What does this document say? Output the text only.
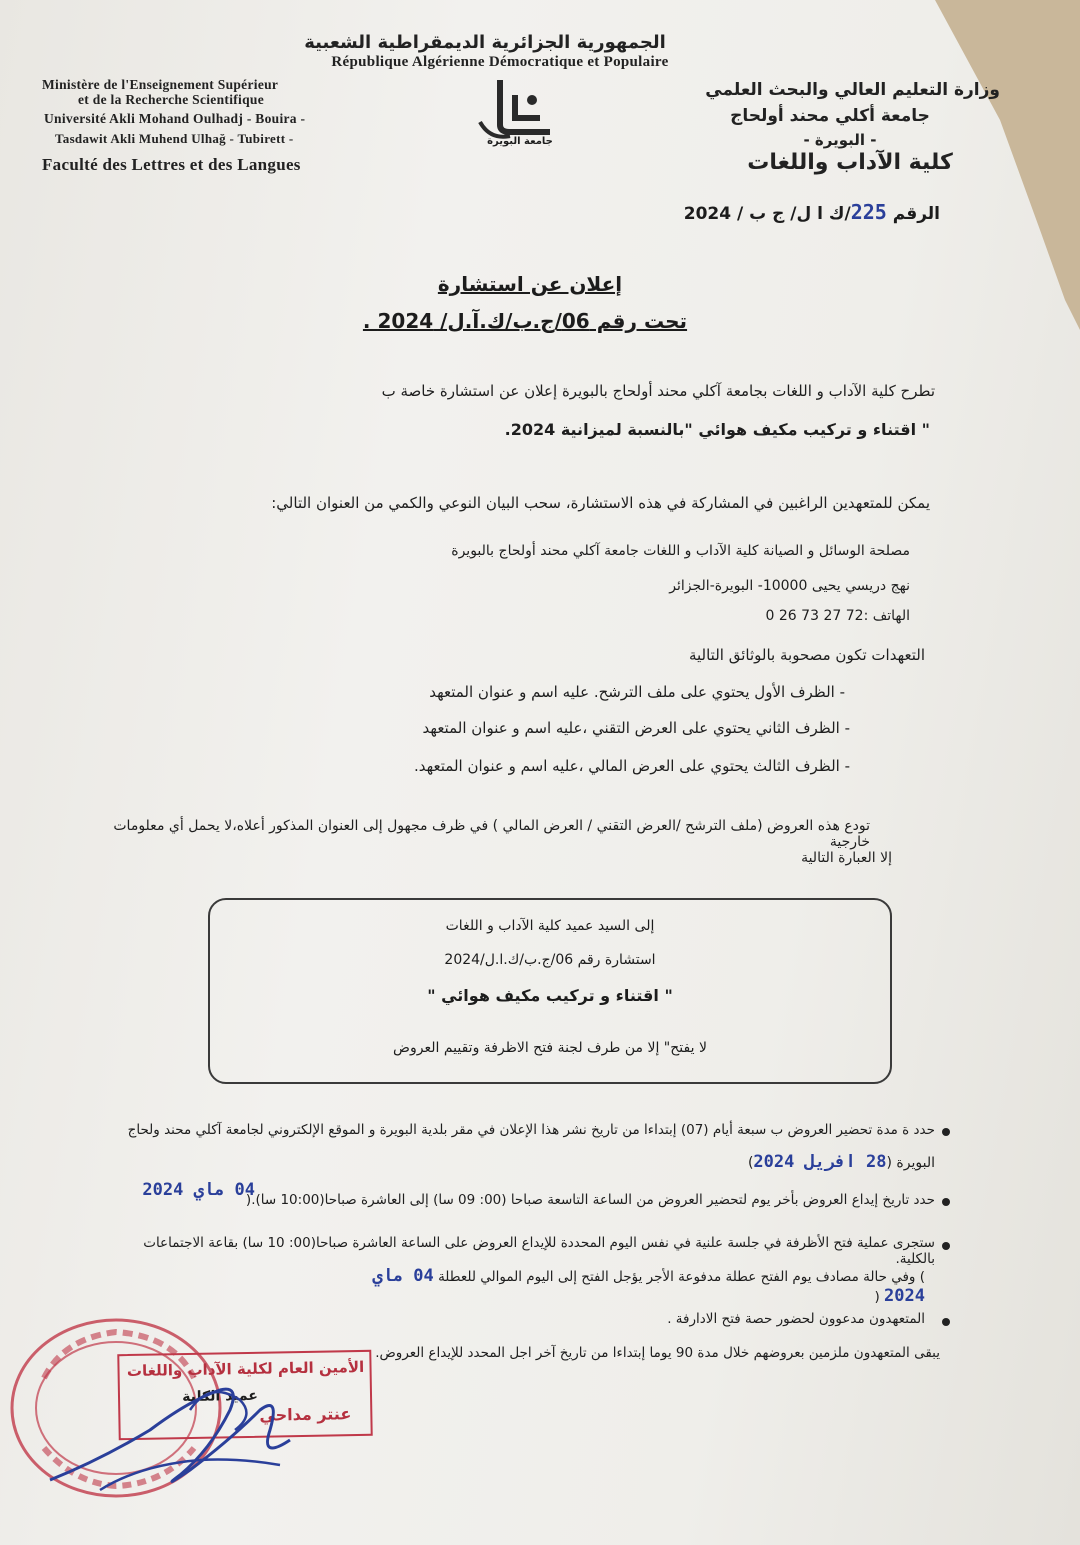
الجمهورية الجزائرية الديمقراطية الشعبية
République Algérienne Démocratique et Populaire
Ministère de l'Enseignement Supérieur
et de la Recherche Scientifique
Université Akli Mohand Oulhadj - Bouira -
Tasdawit Akli Muhend Ulhağ - Tubirett -
Faculté des Lettres et des Langues
وزارة التعليم العالي والبحث العلمي
جامعة أكلي محند أولحاج
- البويرة -
كلية الآداب واللغات
جامعة البويرة
الرقم 225/ك ا ل/ ج ب / 2024
إعلان عن استشارة
تحت رقم 06/ج.ب/ك.آ.ل/ 2024 .
تطرح كلية الآداب و اللغات بجامعة آكلي محند أولحاج بالبويرة إعلان عن استشارة خاصة ب
" اقتناء و تركيب مكيف هوائي "بالنسبة لميزانية 2024.
يمكن للمتعهدين الراغبين في المشاركة في هذه الاستشارة، سحب البيان النوعي والكمي من العنوان التالي:
مصلحة الوسائل و الصيانة كلية الآداب و اللغات جامعة آكلي محند أولحاج بالبويرة
نهج دريسي يحيى 10000- البويرة-الجزائر
الهاتف :72 27 73 26 0
التعهدات تكون مصحوبة بالوثائق التالية
- الظرف الأول يحتوي على ملف الترشح. عليه اسم و عنوان المتعهد
- الظرف الثاني يحتوي على العرض التقني ،عليه اسم و عنوان المتعهد
- الظرف الثالث يحتوي على العرض المالي ،عليه اسم و عنوان المتعهد.
تودع هذه العروض (ملف الترشح /العرض التقني / العرض المالي ) في ظرف مجهول إلى العنوان المذكور أعلاه،لا يحمل أي معلومات خارجية
إلا العبارة التالية
إلى السيد عميد كلية الآداب و اللغات
استشارة رقم 06/ج.ب/ك.ا.ل/2024
" اقتناء و تركيب مكيف هوائي "
لا يفتح" إلا من طرف لجنة فتح الاظرفة وتقييم العروض
حدد ة مدة تحضير العروض ب سبعة أيام (07) إبتداءا من تاريخ نشر هذا الإعلان في مقر بلدية البويرة و الموقع الإلكتروني لجامعة آكلي محند ولحاج
البويرة (28 افريل 2024)
حدد تاريخ إيداع العروض بأخر يوم لتحضير العروض من الساعة التاسعة صباحا (00: 09 سا) إلى العاشرة صباحا(10:00 سا).(
04 ماي 2024
ستجرى عملية فتح الأظرفة في جلسة علنية في نفس اليوم المحددة للإيداع العروض على الساعة العاشرة صباحا(00: 10 سا) بقاعة الاجتماعات بالكلية.
) وفي حالة مصادف يوم الفتح عطلة مدفوعة الأجر يؤجل الفتح إلى اليوم الموالي للعطلة 04 ماي 2024 (
المتعهدون مدعوون لحضور حصة فتح الادارفة .
يبقى المتعهدون ملزمين بعروضهم خلال مدة 90 يوما إبتداءا من تاريخ آخر اجل المحدد للإيداع العروض.
الأمين العام لكلية الآداب واللغات
عميد الكلية
عنتر مداحي
